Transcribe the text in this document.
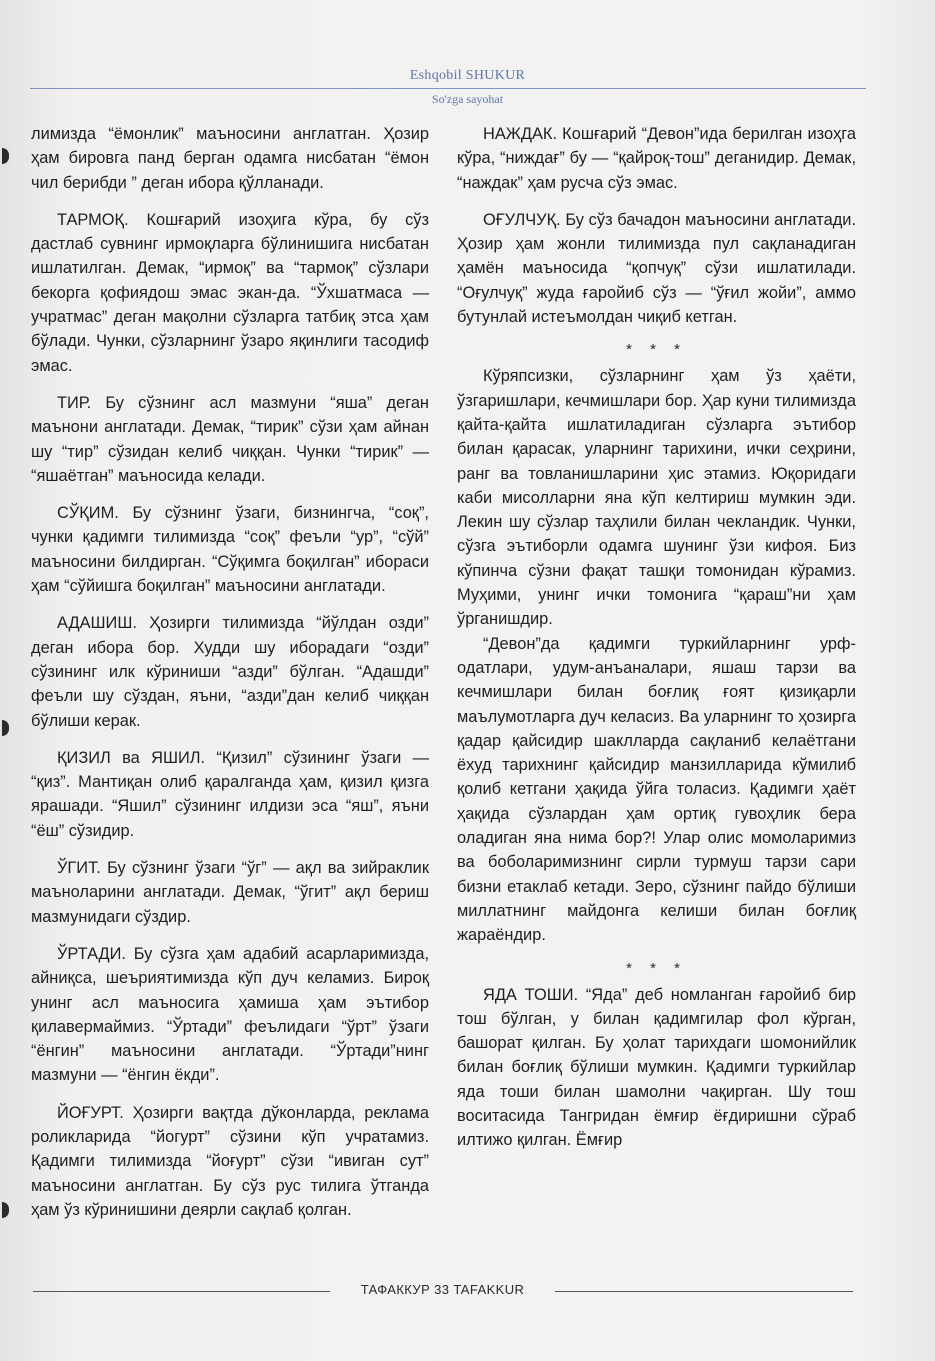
Eshqobil SHUKUR
So'zga sayohat

лимизда “ёмонлик” маъносини англатган. Ҳозир ҳам бировга панд берган одамга нисбатан “ёмон чил берибди ” деган ибора қўлланади.

ТАРМОҚ. Кошғарий изоҳига кўра, бу сўз дастлаб сувнинг ирмоқларга бўлинишига нисбатан ишлатилган. Демак, “ирмоқ” ва “тармоқ” сўзлари бекорга қофиядош эмас экан-да. “Ўхшатмаса — учратмас” деган мақолни сўзларга татбиқ этса ҳам бўлади. Чунки, сўзларнинг ўзаро яқинлиги тасодиф эмас.

ТИР. Бу сўзнинг асл мазмуни “яша” деган маънони англатади. Демак, “тирик” сўзи ҳам айнан шу “тир” сўзидан келиб чиққан. Чунки “тирик” — “яшаётган” маъносида келади.

СЎҚИМ. Бу сўзнинг ўзаги, бизнингча, “соқ”, чунки қадимги тилимизда “соқ” феъли “ур”, “сўй” маъносини билдирган. “Сўқимга боқилган” ибораси ҳам “сўйишга боқилган” маъносини англатади.

АДАШИШ. Ҳозирги тилимизда “йўлдан озди” деган ибора бор. Худди шу иборадаги “озди” сўзининг илк кўриниши “азди” бўлган. “Адашди” феъли шу сўздан, яъни, “азди”дан келиб чиққан бўлиши керак.

ҚИЗИЛ ва ЯШИЛ. “Қизил” сўзининг ўзаги — “қиз”. Мантиқан олиб қаралганда ҳам, қизил қизга ярашади. “Яшил” сўзининг илдизи эса “яш”, яъни “ёш” сўзидир.

ЎГИТ. Бу сўзнинг ўзаги “ўг” — ақл ва зийраклик маъноларини англатади. Демак, “ўгит” ақл бериш мазмунидаги сўздир.

ЎРТАДИ. Бу сўзга ҳам адабий асарларимизда, айниқса, шеъриятимизда кўп дуч келамиз. Бироқ унинг асл маъносига ҳамиша ҳам эътибор қилавермаймиз. “Ўртади” феълидаги “ўрт” ўзаги “ёнгин” маъносини англатади. “Ўртади”нинг мазмуни — “ёнгин ёкди”.

ЙОҒУРТ. Ҳозирги вақтда дўконларда, реклама роликларида “йогурт” сўзини кўп учратамиз. Қадимги тилимизда “йоғурт” сўзи “ивиган сут” маъносини англатган. Бу сўз рус тилига ўтганда ҳам ўз кўринишини деярли сақлаб қолган.

НАЖДАК. Кошғарий “Девон”ида берилган изоҳга кўра, “ниждағ” бу — “қайроқ-тош” деганидир. Демак, “наждак” ҳам русча сўз эмас.

ОҒУЛЧУҚ. Бу сўз бачадон маъносини англатади. Ҳозир ҳам жонли тилимизда пул сақланадиган ҳамён маъносида “қопчуқ” сўзи ишлатилади. “Оғулчуқ” жуда ғаройиб сўз — “ўғил жойи”, аммо бутунлай истеъмолдан чиқиб кетган.

* * *

Кўряпсизки, сўзларнинг ҳам ўз ҳаёти, ўзгаришлари, кечмишлари бор. Ҳар куни тилимизда қайта-қайта ишлатиладиган сўзларга эътибор билан қарасак, уларнинг тарихини, ички сеҳрини, ранг ва товланишларини ҳис этамиз. Юқоридаги каби мисолларни яна кўп келтириш мумкин эди. Лекин шу сўзлар таҳлили билан чекландик. Чунки, сўзга эътиборли одамга шунинг ўзи кифоя. Биз кўпинча сўзни фақат ташқи томонидан кўрамиз. Муҳими, унинг ички томонига “қараш”ни ҳам ўрганишдир.

“Девон”да қадимги туркийларнинг урф-одатлари, удум-анъаналари, яшаш тарзи ва кечмишлари билан боғлиқ ғоят қизиқарли маълумотларга дуч келасиз. Ва уларнинг то ҳозирга қадар қайсидир шаклларда сақланиб келаётгани ёхуд тарихнинг қайсидир манзилларида кўмилиб қолиб кетгани ҳақида ўйга толасиз. Қадимги ҳаёт ҳақида сўзлардан ҳам ортиқ гувоҳлик бера оладиган яна нима бор?! Улар олис момоларимиз ва боболаримизнинг сирли турмуш тарзи сари бизни етаклаб кетади. Зеро, сўзнинг пайдо бўлиши миллатнинг майдонга келиши билан боғлиқ жараёндир.

* * *

ЯДА ТОШИ. “Яда” деб номланган ғаройиб бир тош бўлган, у билан қадимгилар фол кўрган, башорат қилган. Бу ҳолат тарихдаги шомонийлик билан боғлиқ бўлиши мумкин. Қадимги туркийлар яда тоши билан шамолни чақирган. Шу тош воситасида Тангридан ёмғир ёғдиришни сўраб илтижо қилган. Ёмғир

ТАФАККУР 33 TAFAKKUR
